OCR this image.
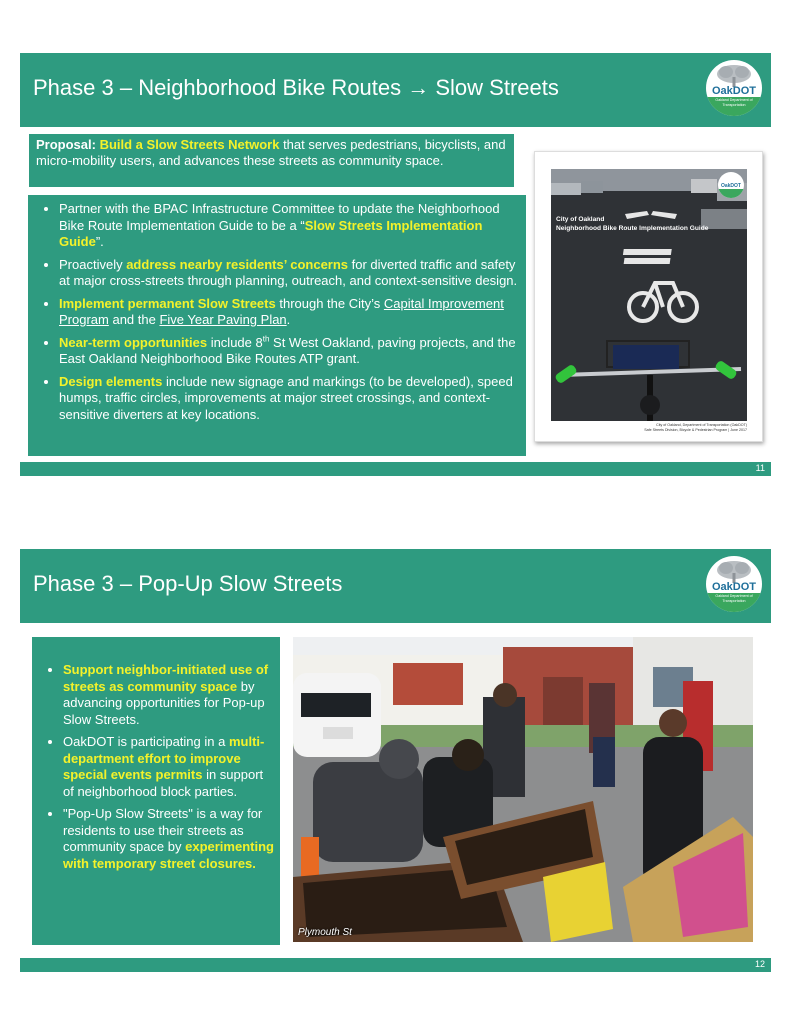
Phase 3 – Neighborhood Bike Routes → Slow Streets	OakDOT
Oakland Department of Transportation
Proposal: Build a Slow Streets Network that serves pedestrians, bicyclists, and micro-mobility users, and advances these streets as community space.
• Partner with the BPAC Infrastructure Committee to update the Neighborhood Bike Route Implementation Guide to be a “Slow Streets Implementation Guide”.
• Proactively address nearby residents’ concerns for diverted traffic and safety at major cross-streets through planning, outreach, and context-sensitive design.
• Implement permanent Slow Streets through the City’s Capital Improvement Program and the Five Year Paving Plan.
• Near-term opportunities include 8th St West Oakland, paving projects, and the East Oakland Neighborhood Bike Routes ATP grant.
• Design elements include new signage and markings (to be developed), speed humps, traffic circles, improvements at major street crossings, and context-sensitive diverters at key locations.
City of Oakland
Neighborhood Bike Route Implementation Guide
OakDOT
City of Oakland, Department of Transportation (OakDOT)
Safe Streets Division, Bicycle & Pedestrian Program | June 2017
11
Phase 3 – Pop-Up Slow Streets	OakDOT
Oakland Department of Transportation
• Support neighbor-initiated use of streets as community space by advancing opportunities for Pop-up Slow Streets.
• OakDOT is participating in a multi-department effort to improve special events permits in support of neighborhood block parties.
• "Pop-Up Slow Streets" is a way for residents to use their streets as community space by experimenting with temporary street closures.
Plymouth St
12
